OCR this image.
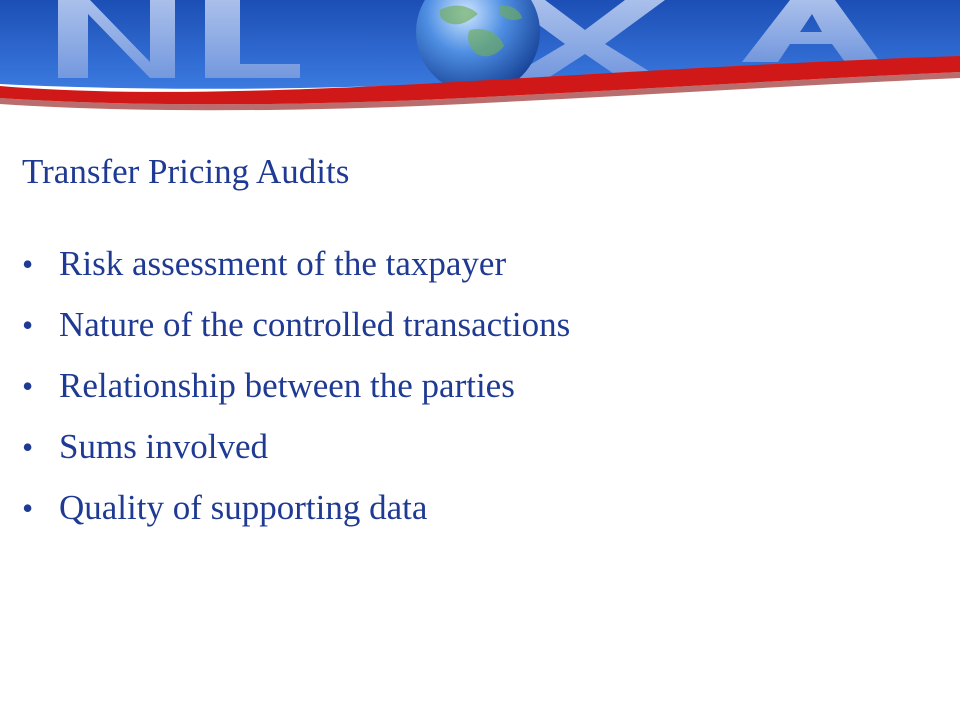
Transfer Pricing Audits
• Risk assessment of the taxpayer
• Nature of the controlled transactions
• Relationship between the parties
• Sums involved
• Quality of supporting data
